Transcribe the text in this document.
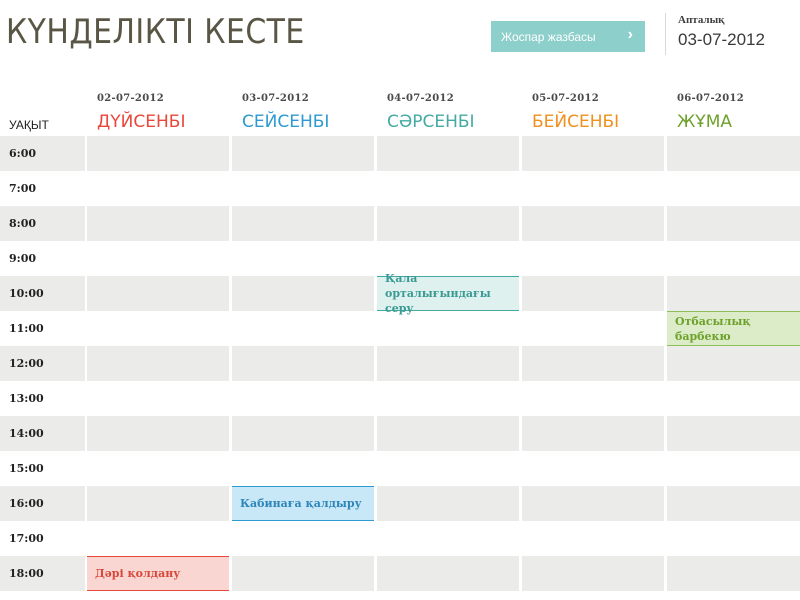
КҮНДЕЛІКТІ КЕСТЕ	Жоспар жазбасы ›
Апталық
03-07-2012
УАҚЫТ
6:00
7:00
8:00
9:00
10:00
11:00
12:00
13:00
14:00
15:00
16:00
17:00
18:00
Қала орталығындағы серу
Отбасылық барбекю
Кабинаға қалдыру
Дәрі қолдану
02-07-2012
ДҮЙСЕНБІ
03-07-2012
СЕЙСЕНБІ
04-07-2012
СӘРСЕНБІ
05-07-2012
БЕЙСЕНБІ
06-07-2012
ЖҰМА
